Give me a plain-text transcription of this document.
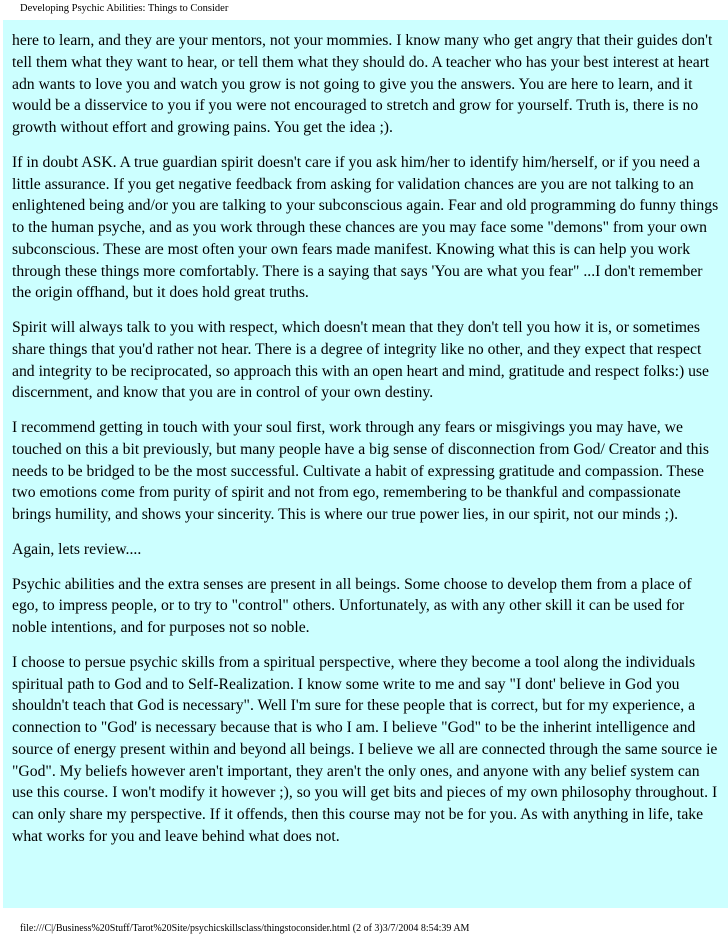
Developing Psychic Abilities: Things to Consider

here to learn, and they are your mentors, not your mommies. I know many who get angry that their guides don't tell them what they want to hear, or tell them what they should do. A teacher who has your best interest at heart adn wants to love you and watch you grow is not going to give you the answers. You are here to learn, and it would be a disservice to you if you were not encouraged to stretch and grow for yourself. Truth is, there is no growth without effort and growing pains. You get the idea ;).

If in doubt ASK. A true guardian spirit doesn't care if you ask him/her to identify him/herself, or if you need a little assurance. If you get negative feedback from asking for validation chances are you are not talking to an enlightened being and/or you are talking to your subconscious again. Fear and old programming do funny things to the human psyche, and as you work through these chances are you may face some "demons" from your own subconscious. These are most often your own fears made manifest. Knowing what this is can help you work through these things more comfortably. There is a saying that says 'You are what you fear" ...I don't remember the origin offhand, but it does hold great truths.

Spirit will always talk to you with respect, which doesn't mean that they don't tell you how it is, or sometimes share things that you'd rather not hear. There is a degree of integrity like no other, and they expect that respect and integrity to be reciprocated, so approach this with an open heart and mind, gratitude and respect folks:) use discernment, and know that you are in control of your own destiny.

I recommend getting in touch with your soul first, work through any fears or misgivings you may have, we touched on this a bit previously, but many people have a big sense of disconnection from God/ Creator and this needs to be bridged to be the most successful. Cultivate a habit of expressing gratitude and compassion. These two emotions come from purity of spirit and not from ego, remembering to be thankful and compassionate brings humility, and shows your sincerity. This is where our true power lies, in our spirit, not our minds ;).

Again, lets review....

Psychic abilities and the extra senses are present in all beings. Some choose to develop them from a place of ego, to impress people, or to try to "control" others. Unfortunately, as with any other skill it can be used for noble intentions, and for purposes not so noble.

I choose to persue psychic skills from a spiritual perspective, where they become a tool along the individuals spiritual path to God and to Self-Realization. I know some write to me and say "I dont' believe in God you shouldn't teach that God is necessary". Well I'm sure for these people that is correct, but for my experience, a connection to "God' is necessary because that is who I am. I believe "God" to be the inherint intelligence and source of energy present within and beyond all beings. I believe we all are connected through the same source ie "God". My beliefs however aren't important, they aren't the only ones, and anyone with any belief system can use this course. I won't modify it however ;), so you will get bits and pieces of my own philosophy throughout. I can only share my perspective. If it offends, then this course may not be for you. As with anything in life, take what works for you and leave behind what does not.

file:///C|/Business%20Stuff/Tarot%20Site/psychicskillsclass/thingstoconsider.html (2 of 3)3/7/2004 8:54:39 AM
